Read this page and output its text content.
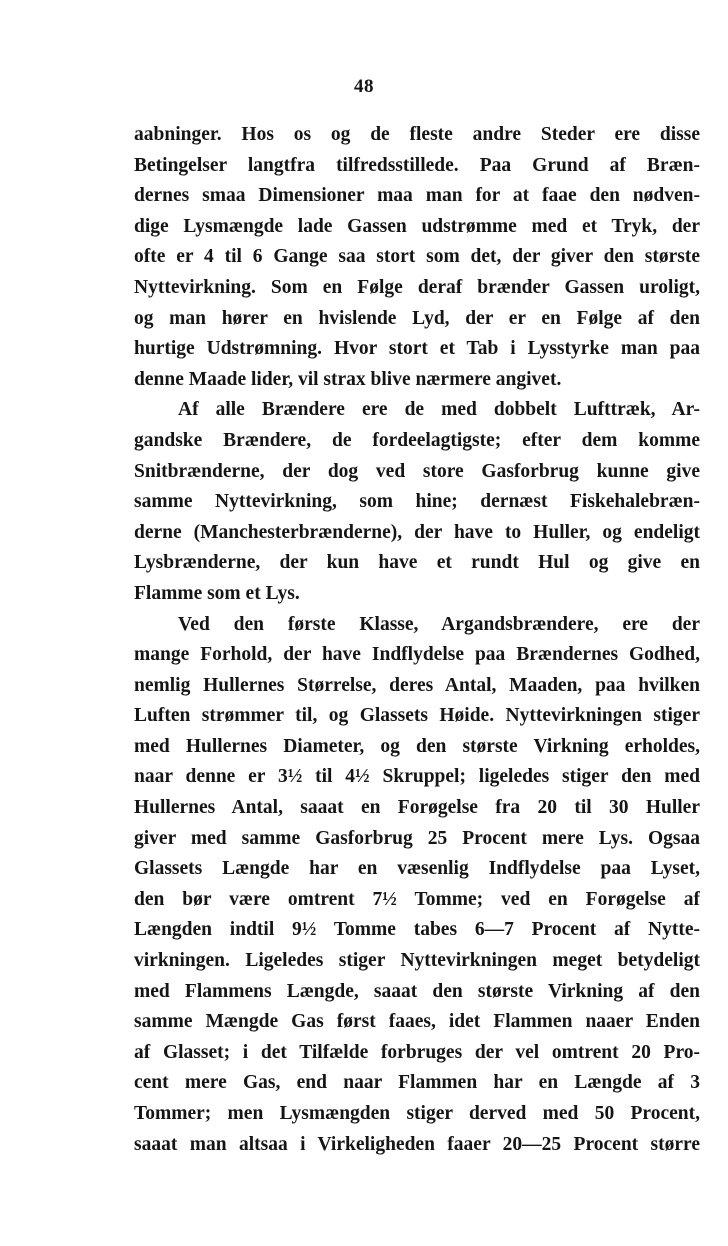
48
aabninger. Hos os og de fleste andre Steder ere disse
Betingelser langtfra tilfredsstillede. Paa Grund af Bræn-
dernes smaa Dimensioner maa man for at faae den nødven-
dige Lysmængde lade Gassen udstrømme med et Tryk, der
ofte er 4 til 6 Gange saa stort som det, der giver den største
Nyttevirkning. Som en Følge deraf brænder Gassen uroligt,
og man hører en hvislende Lyd, der er en Følge af den
hurtige Udstrømning. Hvor stort et Tab i Lysstyrke man paa
denne Maade lider, vil strax blive nærmere angivet.
Af alle Brændere ere de med dobbelt Lufttræk, Ar-
gandske Brændere, de fordeelagtigste; efter dem komme
Snitbrænderne, der dog ved store Gasforbrug kunne give
samme Nyttevirkning, som hine; dernæst Fiskehalebræn-
derne (Manchesterbrænderne), der have to Huller, og endeligt
Lysbrænderne, der kun have et rundt Hul og give en
Flamme som et Lys.
Ved den første Klasse, Argandsbrændere, ere der
mange Forhold, der have Indflydelse paa Brændernes Godhed,
nemlig Hullernes Størrelse, deres Antal, Maaden, paa hvilken
Luften strømmer til, og Glassets Høide. Nyttevirkningen stiger
med Hullernes Diameter, og den største Virkning erholdes,
naar denne er 3½ til 4½ Skruppel; ligeledes stiger den med
Hullernes Antal, saaat en Forøgelse fra 20 til 30 Huller
giver med samme Gasforbrug 25 Procent mere Lys. Ogsaa
Glassets Længde har en væsenlig Indflydelse paa Lyset,
den bør være omtrent 7½ Tomme; ved en Forøgelse af
Længden indtil 9½ Tomme tabes 6—7 Procent af Nytte-
virkningen. Ligeledes stiger Nyttevirkningen meget betydeligt
med Flammens Længde, saaat den største Virkning af den
samme Mængde Gas først faaes, idet Flammen naaer Enden
af Glasset; i det Tilfælde forbruges der vel omtrent 20 Pro-
cent mere Gas, end naar Flammen har en Længde af 3
Tommer; men Lysmængden stiger derved med 50 Procent,
saaat man altsaa i Virkeligheden faaer 20—25 Procent større
